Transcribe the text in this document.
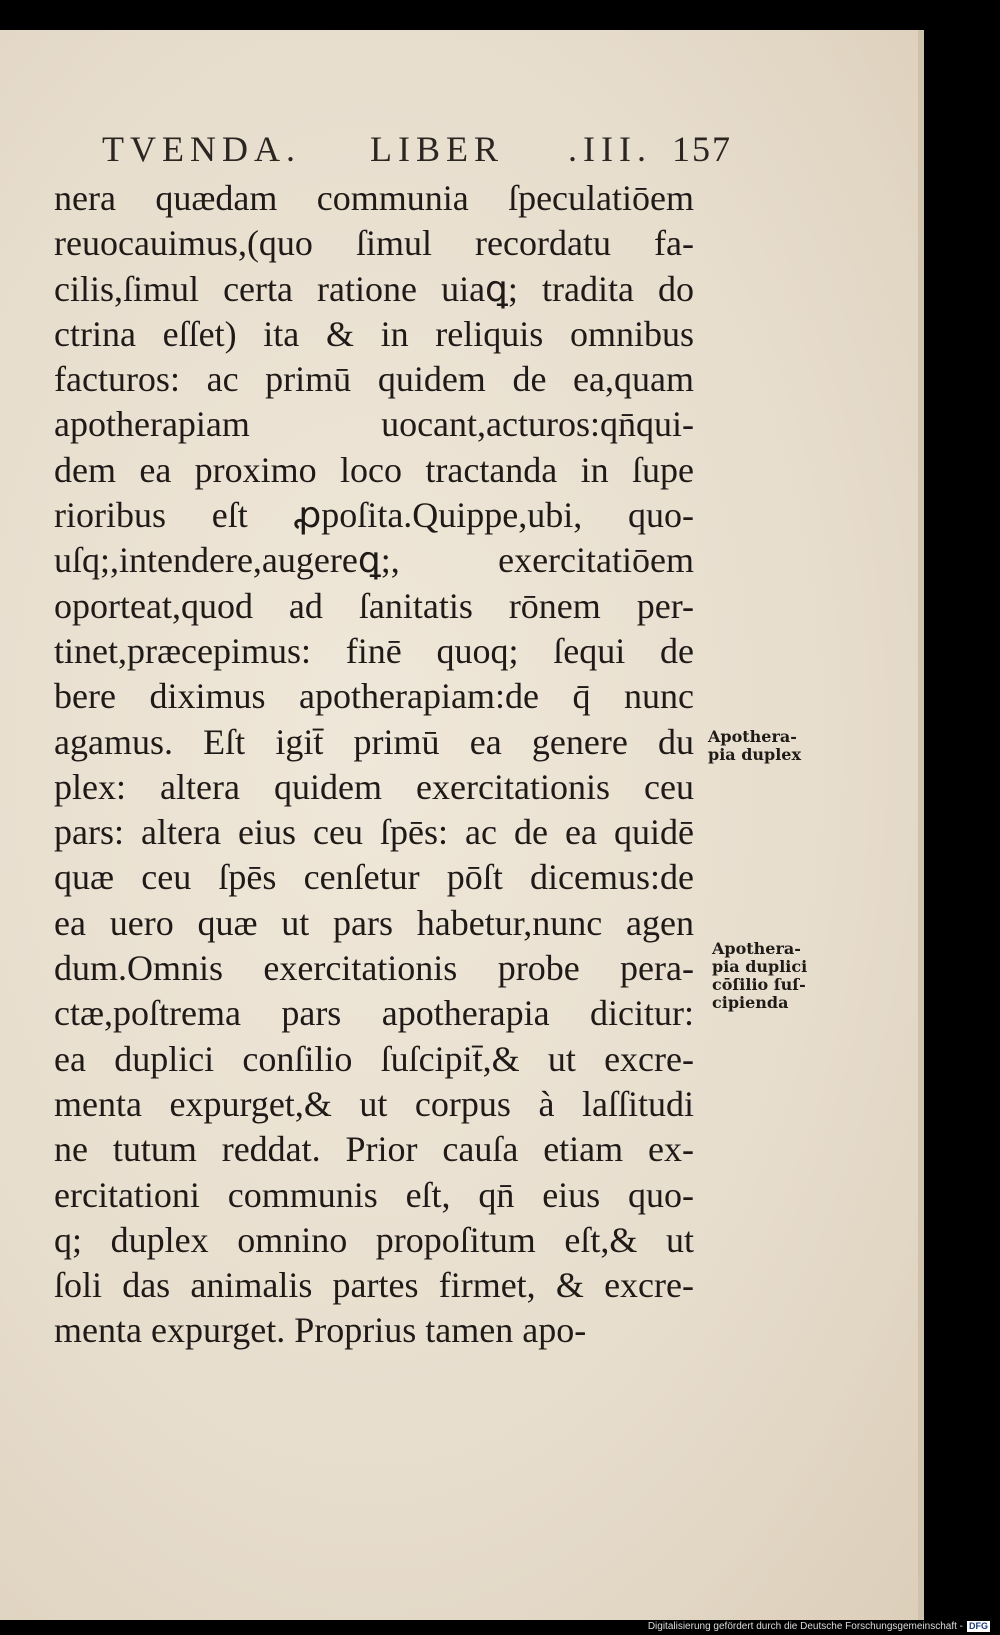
TVENDA. LIBER .III. 157
nera quædam communia ſpeculatiōem
reuocauimus,(quo ſimul recordatu fa-
cilis,ſimul certa ratione uiaꝗ; tradita do
ctrina eſſet) ita & in reliquis omnibus
facturos: ac primū quidem de ea,quam
apotherapiam uocant,acturos:qn̄qui-
dem ea proximo loco tractanda in ſupe
rioribus eſt ꝓpoſita.Quippe,ubi, quo-
uſq;,intendere,augereꝗ;, exercitatiōem
oporteat,quod ad ſanitatis rōnem per-
tinet,præcepimus: finē quoq; ſequi de
bere diximus apotherapiam:de q̄ nunc
agamus. Eſt igit̄ primū ea genere du
plex: altera quidem exercitationis ceu
pars: altera eius ceu ſpēs: ac de ea quidē
quæ ceu ſpēs cenſetur pōſt dicemus:de
ea uero quæ ut pars habetur,nunc agen
dum.Omnis exercitationis probe pera-
ctæ,poſtrema pars apotherapia dicitur:
ea duplici conſilio ſuſcipit̄,& ut excre-
menta expurget,& ut corpus à laſſitudi
ne tutum reddat. Prior cauſa etiam ex-
ercitationi communis eſt, qn̄ eius quo-
q; duplex omnino propoſitum eſt,& ut
ſoli das animalis partes firmet, & excre-
menta expurget. Proprius tamen apo-
Apothera-
pia duplex
Apothera-
pia duplici
cōſilio ſuſ-
cipienda
Digitalisierung gefördert durch die Deutsche Forschungsgemeinschaft - DFG
